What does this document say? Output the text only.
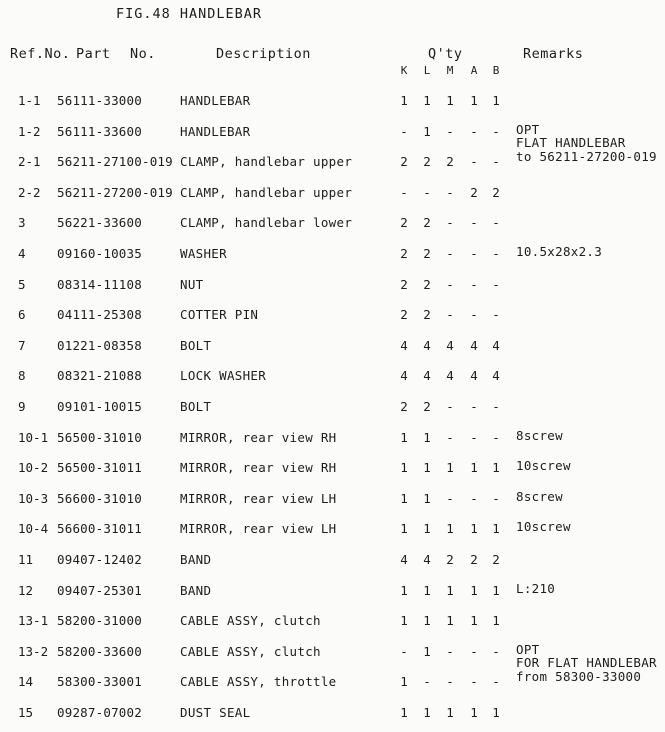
FIG.48 HANDLEBAR
Ref.No. Part No.	Description	Q'ty	Remarks
K L M A B
1-1 56111-33000	HANDLEBAR	1 1 1 1 1
1-2 56111-33600	HANDLEBAR	- 1 - - - OPT
FLAT HANDLEBAR
to 56211-27200-019
2-1 56211-27100-019 CLAMP, handlebar upper	2 2 2 - -
2-2 56211-27200-019 CLAMP, handlebar upper	- - - 2 2
3	56221-33600	CLAMP, handlebar lower	2 2 - - -
4	09160-10035	WASHER	2 2 - - - 10.5x28x2.3
5	08314-11108	NUT	2 2 - - -
6	04111-25308	COTTER PIN	2 2 - - -
7	01221-08358	BOLT	4 4 4 4 4
8	08321-21088	LOCK WASHER	4 4 4 4 4
9	09101-10015	BOLT	2 2 - - -
10-1 56500-31010	MIRROR, rear view RH	1 1 - - - 8screw
10-2 56500-31011	MIRROR, rear view RH	1 1 1 1 1 10screw
10-3 56600-31010	MIRROR, rear view LH	1 1 - - - 8screw
10-4 56600-31011	MIRROR, rear view LH	1 1 1 1 1 10screw
11 09407-12402	BAND	4 4 2 2 2
12 09407-25301	BAND	1 1 1 1 1 L:210
13-1 58200-31000	CABLE ASSY, clutch	1 1 1 1 1
13-2 58200-33600	CABLE ASSY, clutch	- 1 - - - OPT
FOR FLAT HANDLEBAR
from 58300-33000
14 58300-33001	CABLE ASSY, throttle	1 - - - -
15 09287-07002	DUST SEAL	1 1 1 1 1
